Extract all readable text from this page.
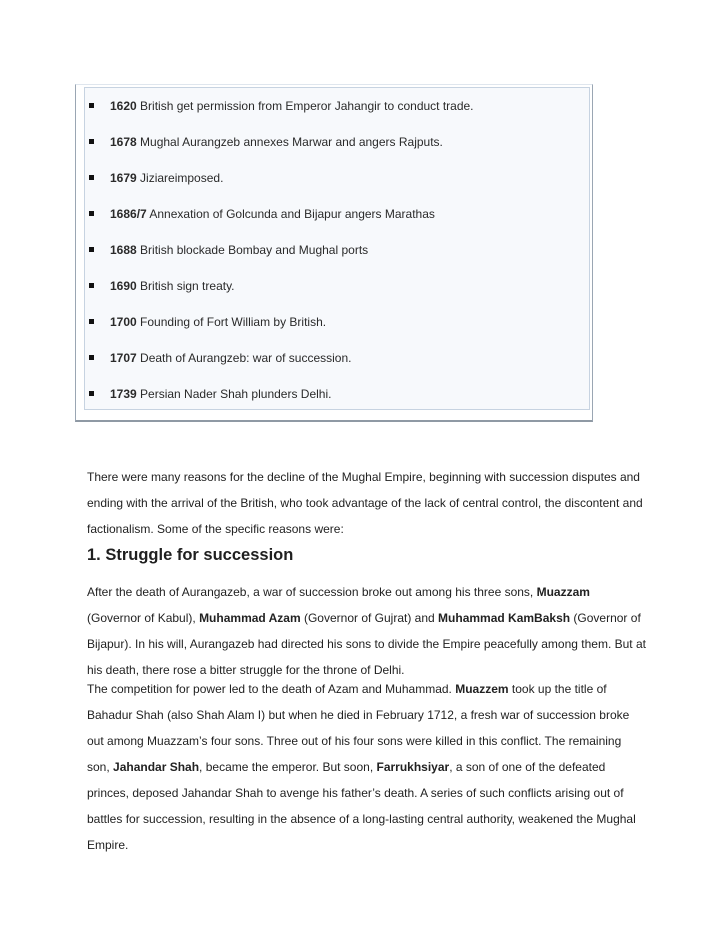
1620 British get permission from Emperor Jahangir to conduct trade.
1678 Mughal Aurangzeb annexes Marwar and angers Rajputs.
1679 Jiziareimposed.
1686/7 Annexation of Golcunda and Bijapur angers Marathas
1688 British blockade Bombay and Mughal ports
1690 British sign treaty.
1700 Founding of Fort William by British.
1707 Death of Aurangzeb: war of succession.
1739 Persian Nader Shah plunders Delhi.

There were many reasons for the decline of the Mughal Empire, beginning with succession disputes and ending with the arrival of the British, who took advantage of the lack of central control, the discontent and factionalism. Some of the specific reasons were:

1. Struggle for succession

After the death of Aurangazeb, a war of succession broke out among his three sons, Muazzam (Governor of Kabul), Muhammad Azam (Governor of Gujrat) and Muhammad KamBaksh (Governor of Bijapur). In his will, Aurangazeb had directed his sons to divide the Empire peacefully among them. But at his death, there rose a bitter struggle for the throne of Delhi.

The competition for power led to the death of Azam and Muhammad. Muazzem took up the title of Bahadur Shah (also Shah Alam I) but when he died in February 1712, a fresh war of succession broke out among Muazzam’s four sons. Three out of his four sons were killed in this conflict. The remaining son, Jahandar Shah, became the emperor. But soon, Farrukhsiyar, a son of one of the defeated princes, deposed Jahandar Shah to avenge his father’s death. A series of such conflicts arising out of battles for succession, resulting in the absence of a long-lasting central authority, weakened the Mughal Empire.
